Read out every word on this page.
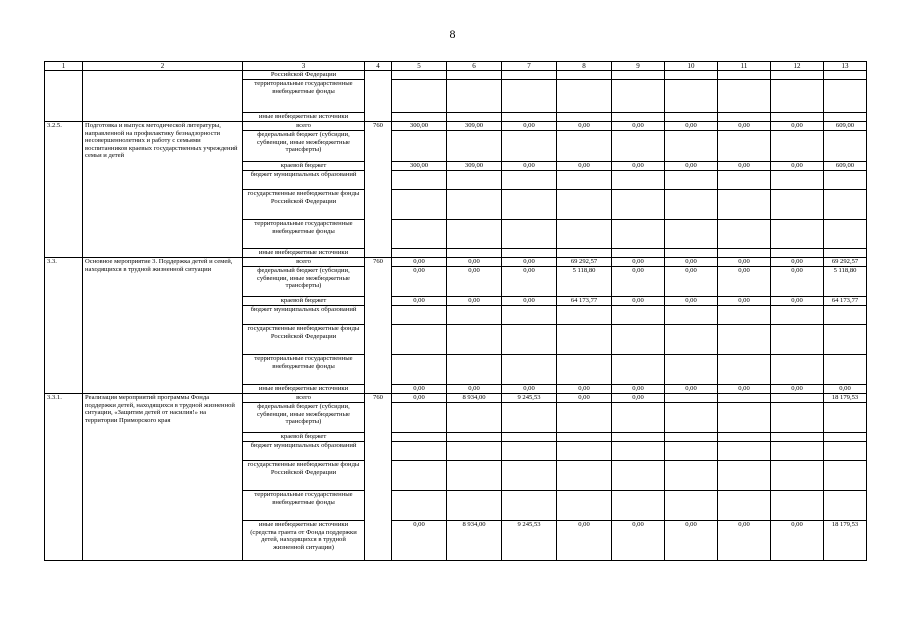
8
1	2	3	4	5	6	7	8	9	10	11	12	13
		Российской Федерации										
		территориальные государственные внебюджетные фонды										
		иные внебюджетные источники										
3.2.5.	Подготовка и выпуск методической литературы, направленной на профилактику безнадзорности несовершеннолетних и работу с семьями воспитанников краевых государственных учреждений семьи и детей	всего	760	300,00	309,00	0,00	0,00	0,00	0,00	0,00	0,00	609,00
		федеральный бюджет (субсидии, субвенции, иные межбюджетные трансферты)										
		краевой бюджет		300,00	309,00	0,00	0,00	0,00	0,00	0,00	0,00	609,00
		бюджет муниципальных образований										
		государственные внебюджетные фонды Российской Федерации										
		территориальные государственные внебюджетные фонды										
		иные внебюджетные источники										
3.3.	Основное мероприятие 3. Поддержка детей и семей, находящихся в трудной жизненной ситуации	всего	760	0,00	0,00	0,00	69 292,57	0,00	0,00	0,00	0,00	69 292,57
		федеральный бюджет (субсидии, субвенции, иные межбюджетные трансферты)		0,00	0,00	0,00	5 118,80	0,00	0,00	0,00	0,00	5 118,80
		краевой бюджет		0,00	0,00	0,00	64 173,77	0,00	0,00	0,00	0,00	64 173,77
		бюджет муниципальных образований										
		государственные внебюджетные фонды Российской Федерации										
		территориальные государственные внебюджетные фонды										
		иные внебюджетные источники		0,00	0,00	0,00	0,00	0,00	0,00	0,00	0,00	0,00
3.3.1.	Реализация мероприятий программы Фонда поддержки детей, находящихся в трудной жизненной ситуации, «Защитим детей от насилия!» на территории Приморского края	всего	760	0,00	8 934,00	9 245,53	0,00	0,00				18 179,53
		федеральный бюджет (субсидии, субвенции, иные межбюджетные трансферты)										
		краевой бюджет										
		бюджет муниципальных образований										
		государственные внебюджетные фонды Российской Федерации										
		территориальные государственные внебюджетные фонды										
		иные внебюджетные источники (средства гранта от Фонда поддержки детей, находящихся в трудной жизненной ситуации)		0,00	8 934,00	9 245,53	0,00	0,00	0,00	0,00	0,00	18 179,53
